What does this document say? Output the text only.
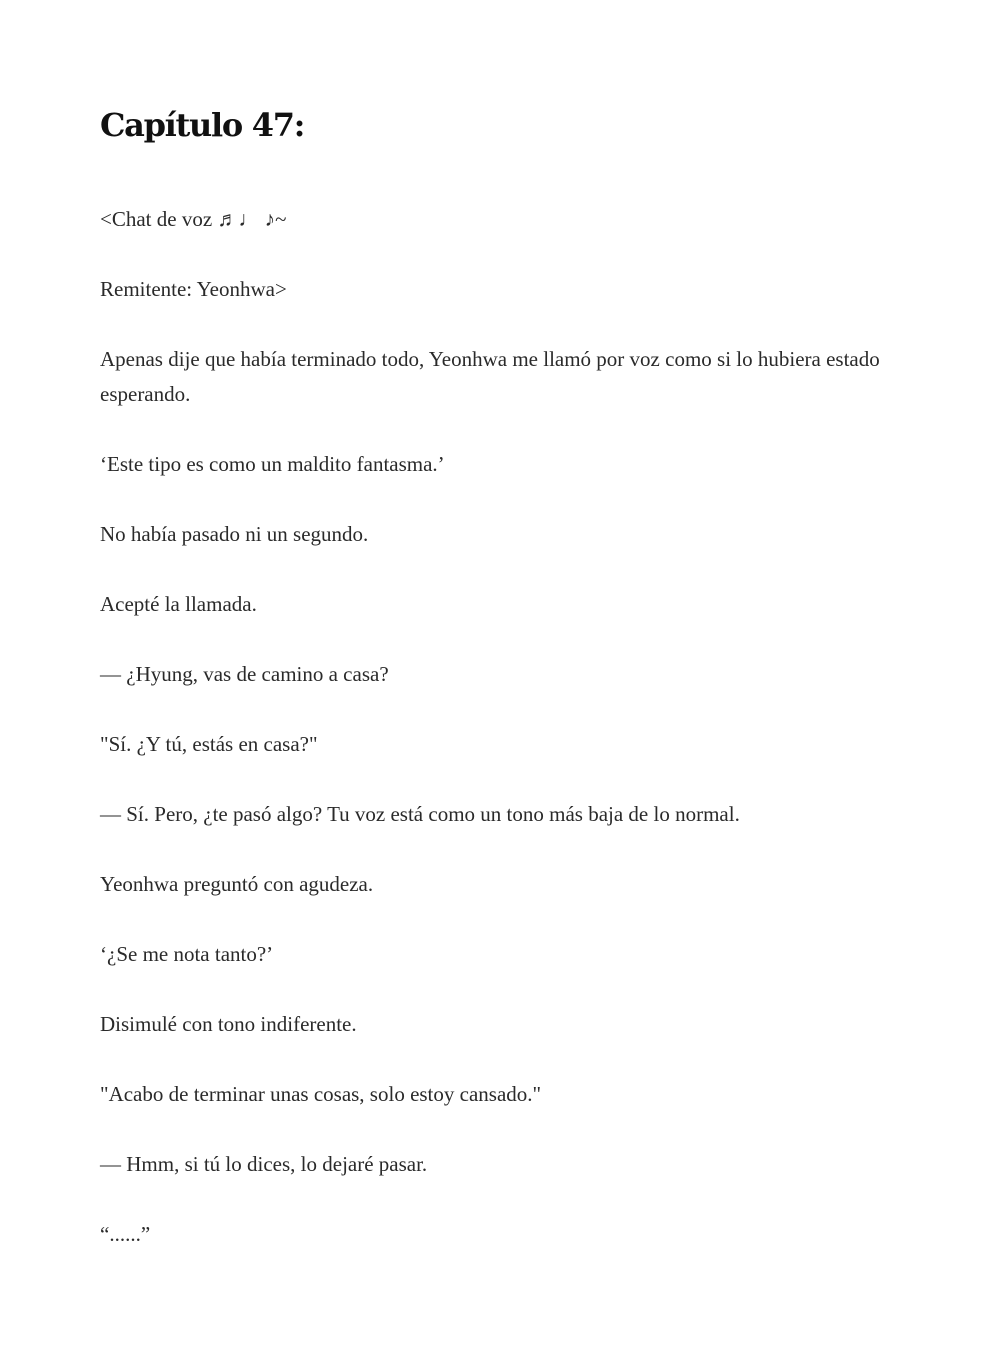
Capítulo 47:

<Chat de voz ♬♩ ♪~

Remitente: Yeonhwa>

Apenas dije que había terminado todo, Yeonhwa me llamó por voz como si lo hubiera estado esperando.

‘Este tipo es como un maldito fantasma.’

No había pasado ni un segundo.

Acepté la llamada.

— ¿Hyung, vas de camino a casa?

"Sí. ¿Y tú, estás en casa?"

— Sí. Pero, ¿te pasó algo? Tu voz está como un tono más baja de lo normal.

Yeonhwa preguntó con agudeza.

‘¿Se me nota tanto?’

Disimulé con tono indiferente.

"Acabo de terminar unas cosas, solo estoy cansado."

— Hmm, si tú lo dices, lo dejaré pasar.

“......”
